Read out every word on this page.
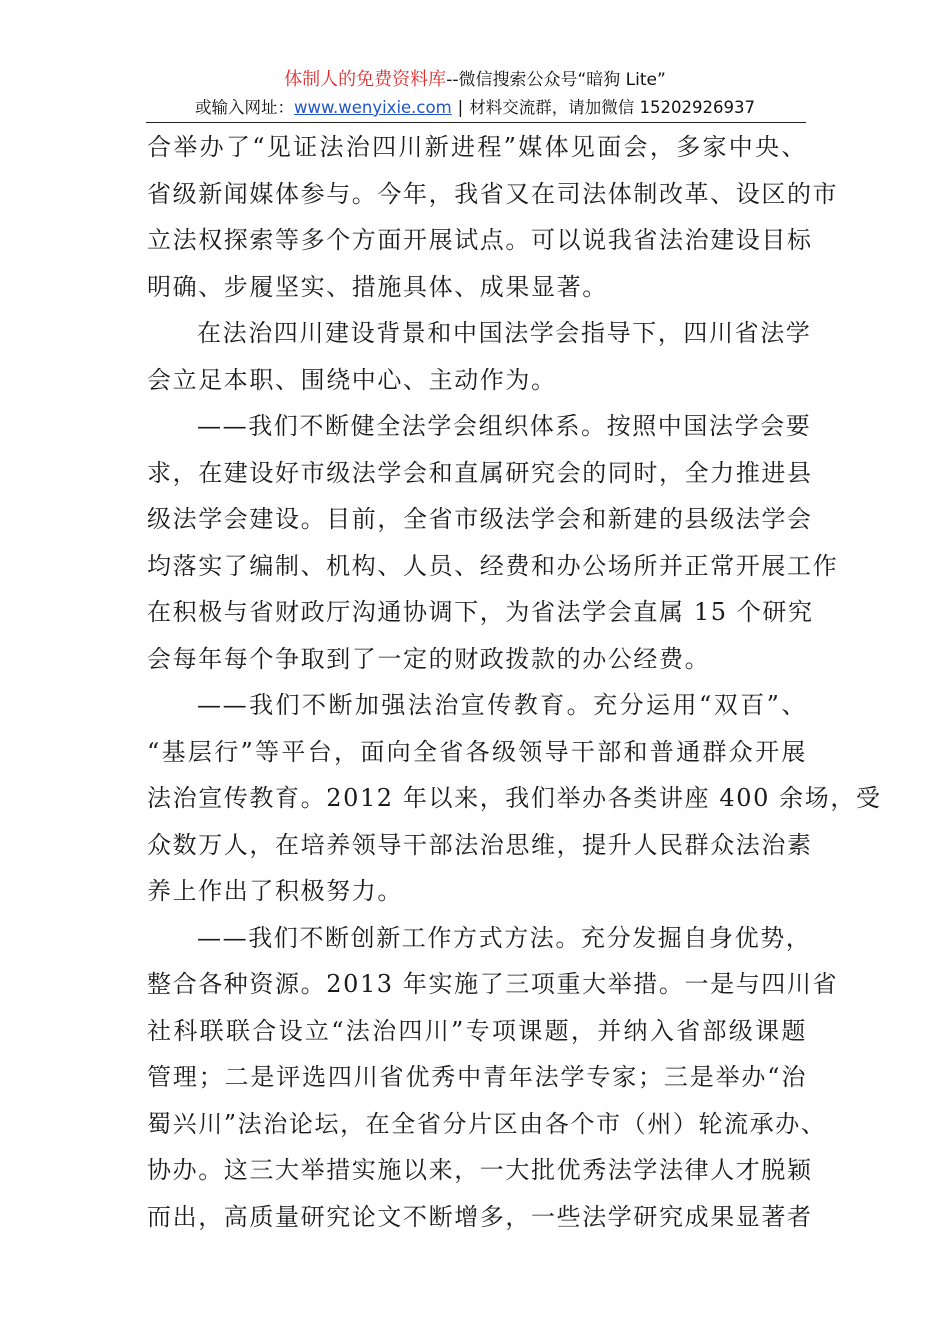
体制人的免费资料库--微信搜索公众号“暗狗 Lite”
或输入网址：www.wenyixie.com | 材料交流群，请加微信 15202926937
合举办了“见证法治四川新进程”媒体见面会，多家中央、
省级新闻媒体参与。今年，我省又在司法体制改革、设区的市
立法权探索等多个方面开展试点。可以说我省法治建设目标
明确、步履坚实、措施具体、成果显著。
在法治四川建设背景和中国法学会指导下，四川省法学
会立足本职、围绕中心、主动作为。
——我们不断健全法学会组织体系。按照中国法学会要
求，在建设好市级法学会和直属研究会的同时，全力推进县
级法学会建设。目前，全省市级法学会和新建的县级法学会
均落实了编制、机构、人员、经费和办公场所并正常开展工作
在积极与省财政厅沟通协调下，为省法学会直属 15 个研究
会每年每个争取到了一定的财政拨款的办公经费。
——我们不断加强法治宣传教育。充分运用“双百”、
“基层行”等平台，面向全省各级领导干部和普通群众开展
法治宣传教育。2012 年以来，我们举办各类讲座 400 余场，受
众数万人，在培养领导干部法治思维，提升人民群众法治素
养上作出了积极努力。
——我们不断创新工作方式方法。充分发掘自身优势，
整合各种资源。2013 年实施了三项重大举措。一是与四川省
社科联联合设立“法治四川”专项课题，并纳入省部级课题
管理；二是评选四川省优秀中青年法学专家；三是举办“治
蜀兴川”法治论坛，在全省分片区由各个市（州）轮流承办、
协办。这三大举措实施以来，一大批优秀法学法律人才脱颖
而出，高质量研究论文不断增多，一些法学研究成果显著者
